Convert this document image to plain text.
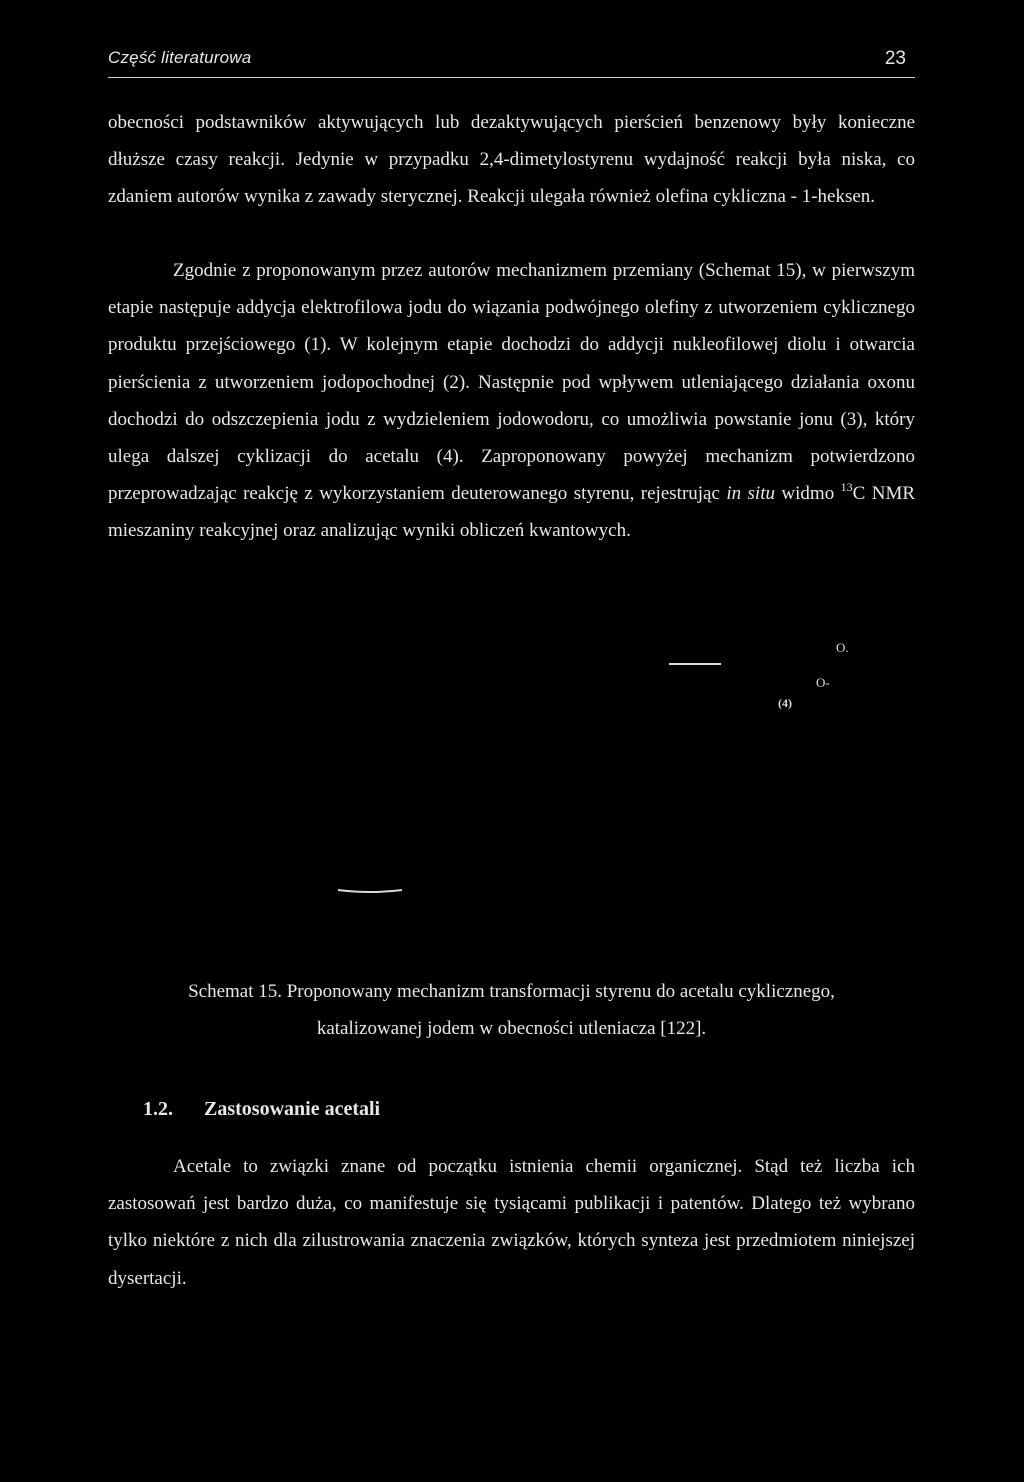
Część literaturowa	23

obecności podstawników aktywujących lub dezaktywujących pierścień benzenowy były konieczne dłuższe czasy reakcji. Jedynie w przypadku 2,4-dimetylostyrenu wydajność reakcji była niska, co zdaniem autorów wynika z zawady sterycznej. Reakcji ulegała również olefina cykliczna - 1-heksen.

Zgodnie z proponowanym przez autorów mechanizmem przemiany (Schemat 15), w pierwszym etapie następuje addycja elektrofilowa jodu do wiązania podwójnego olefiny z utworzeniem cyklicznego produktu przejściowego (1). W kolejnym etapie dochodzi do addycji nukleofilowej diolu i otwarcia pierścienia z utworzeniem jodopochodnej (2). Następnie pod wpływem utleniającego działania oxonu dochodzi do odszczepienia jodu z wydzieleniem jodowodoru, co umożliwia powstanie jonu (3), który ulega dalszej cyklizacji do acetalu (4). Zaproponowany powyżej mechanizm potwierdzono przeprowadzając reakcję z wykorzystaniem deuterowanego styrenu, rejestrując in situ widmo $^{13}$C NMR mieszaniny reakcyjnej oraz analizując wyniki obliczeń kwantowych.

O.
O-
(4)

Schemat 15. Proponowany mechanizm transformacji styrenu do acetalu cyklicznego,

katalizowanej jodem w obecności utleniacza [122].

1.2. Zastosowanie acetali

Acetale to związki znane od początku istnienia chemii organicznej. Stąd też liczba ich zastosowań jest bardzo duża, co manifestuje się tysiącami publikacji i patentów. Dlatego też wybrano tylko niektóre z nich dla zilustrowania znaczenia związków, których synteza jest przedmiotem niniejszej dysertacji.
